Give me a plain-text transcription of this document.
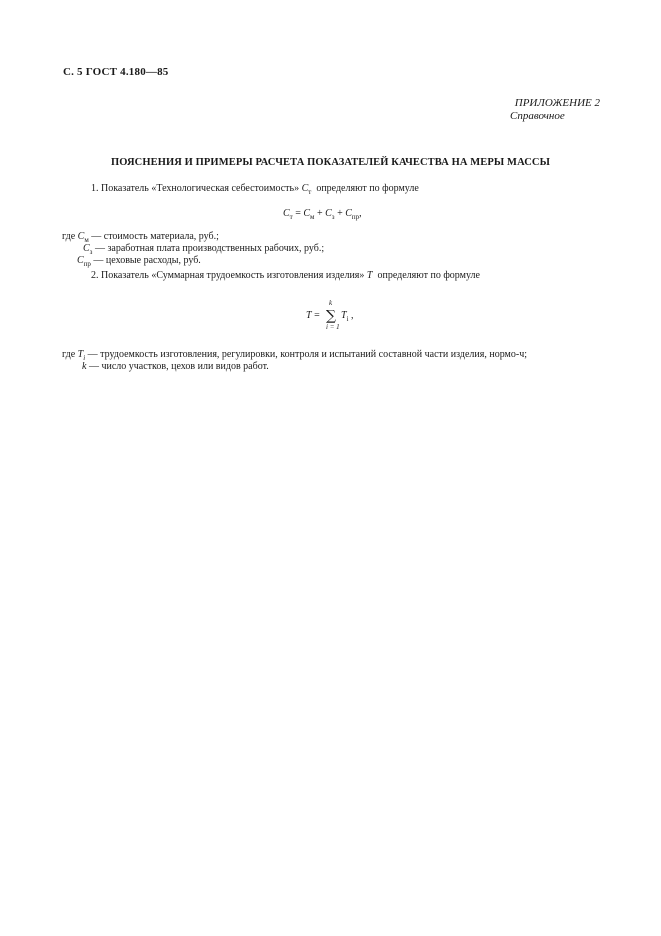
С. 5 ГОСТ 4.180—85
ПРИЛОЖЕНИЕ 2
Справочное
ПОЯСНЕНИЯ И ПРИМЕРЫ РАСЧЕТА ПОКАЗАТЕЛЕЙ КАЧЕСТВА НА МЕРЫ МАССЫ
1. Показатель «Технологическая себестоимость» $C_т$ определяют по формуле
$C_т = C_м + C_з + C_{пр}$,
где $C_м$ — стоимость материала, руб.;
$C_з$ — заработная плата производственных рабочих, руб.;
$C_{пр}$ — цеховые расходы, руб.
2. Показатель «Суммарная трудоемкость изготовления изделия» T определяют по формуле
T =
k
∑
i = 1
$T_i$ ,
где $T_i$ — трудоемкость изготовления, регулировки, контроля и испытаний составной части изделия, нормо-ч;
k — число участков, цехов или видов работ.
